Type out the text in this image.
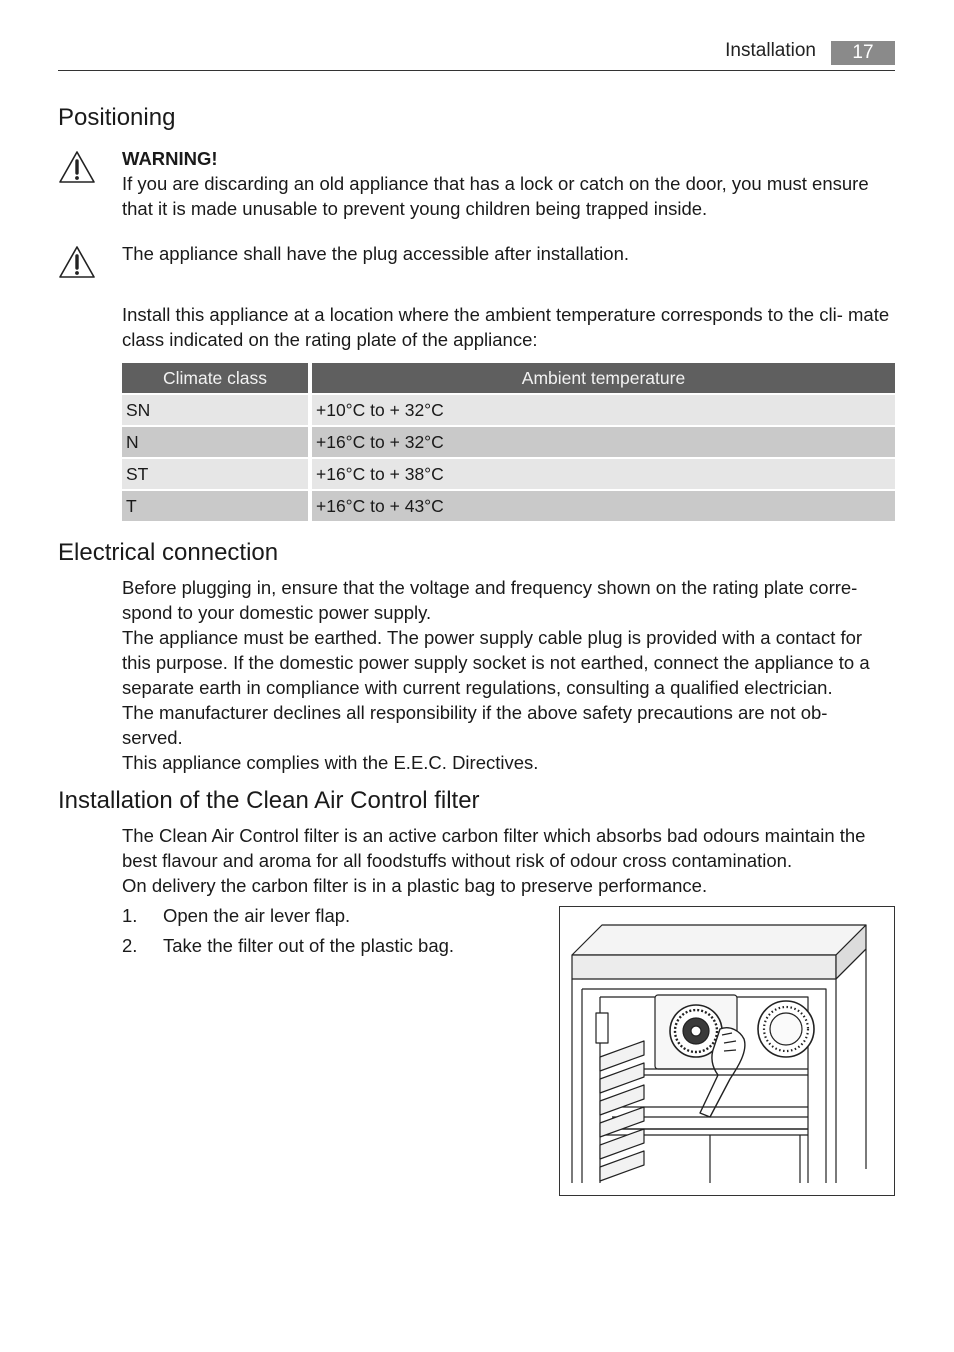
Installation	17
Positioning

WARNING!

If you are discarding an old appliance that has a lock or catch on the door, you must ensure that it is made unusable to prevent young children being trapped inside.

The appliance shall have the plug accessible after installation.

Install this appliance at a location where the ambient temperature corresponds to the cli- mate class indicated on the rating plate of the appliance:

Climate class	Ambient temperature
SN	+10°C to + 32°C
N	+16°C to + 32°C
ST	+16°C to + 38°C
T	+16°C to + 43°C
Electrical connection

Before plugging in, ensure that the voltage and frequency shown on the rating plate corre-

spond to your domestic power supply.

The appliance must be earthed. The power supply cable plug is provided with a contact for

this purpose. If the domestic power supply socket is not earthed, connect the appliance to a

separate earth in compliance with current regulations, consulting a qualified electrician.

The manufacturer declines all responsibility if the above safety precautions are not ob-

served.

This appliance complies with the E.E.C. Directives.

Installation of the Clean Air Control filter

The Clean Air Control filter is an active carbon filter which absorbs bad odours maintain the

best flavour and aroma for all foodstuffs without risk of odour cross contamination.

On delivery the carbon filter is in a plastic bag to preserve performance.

1.	Open the air lever flap.
2.	Take the filter out of the plastic bag.
